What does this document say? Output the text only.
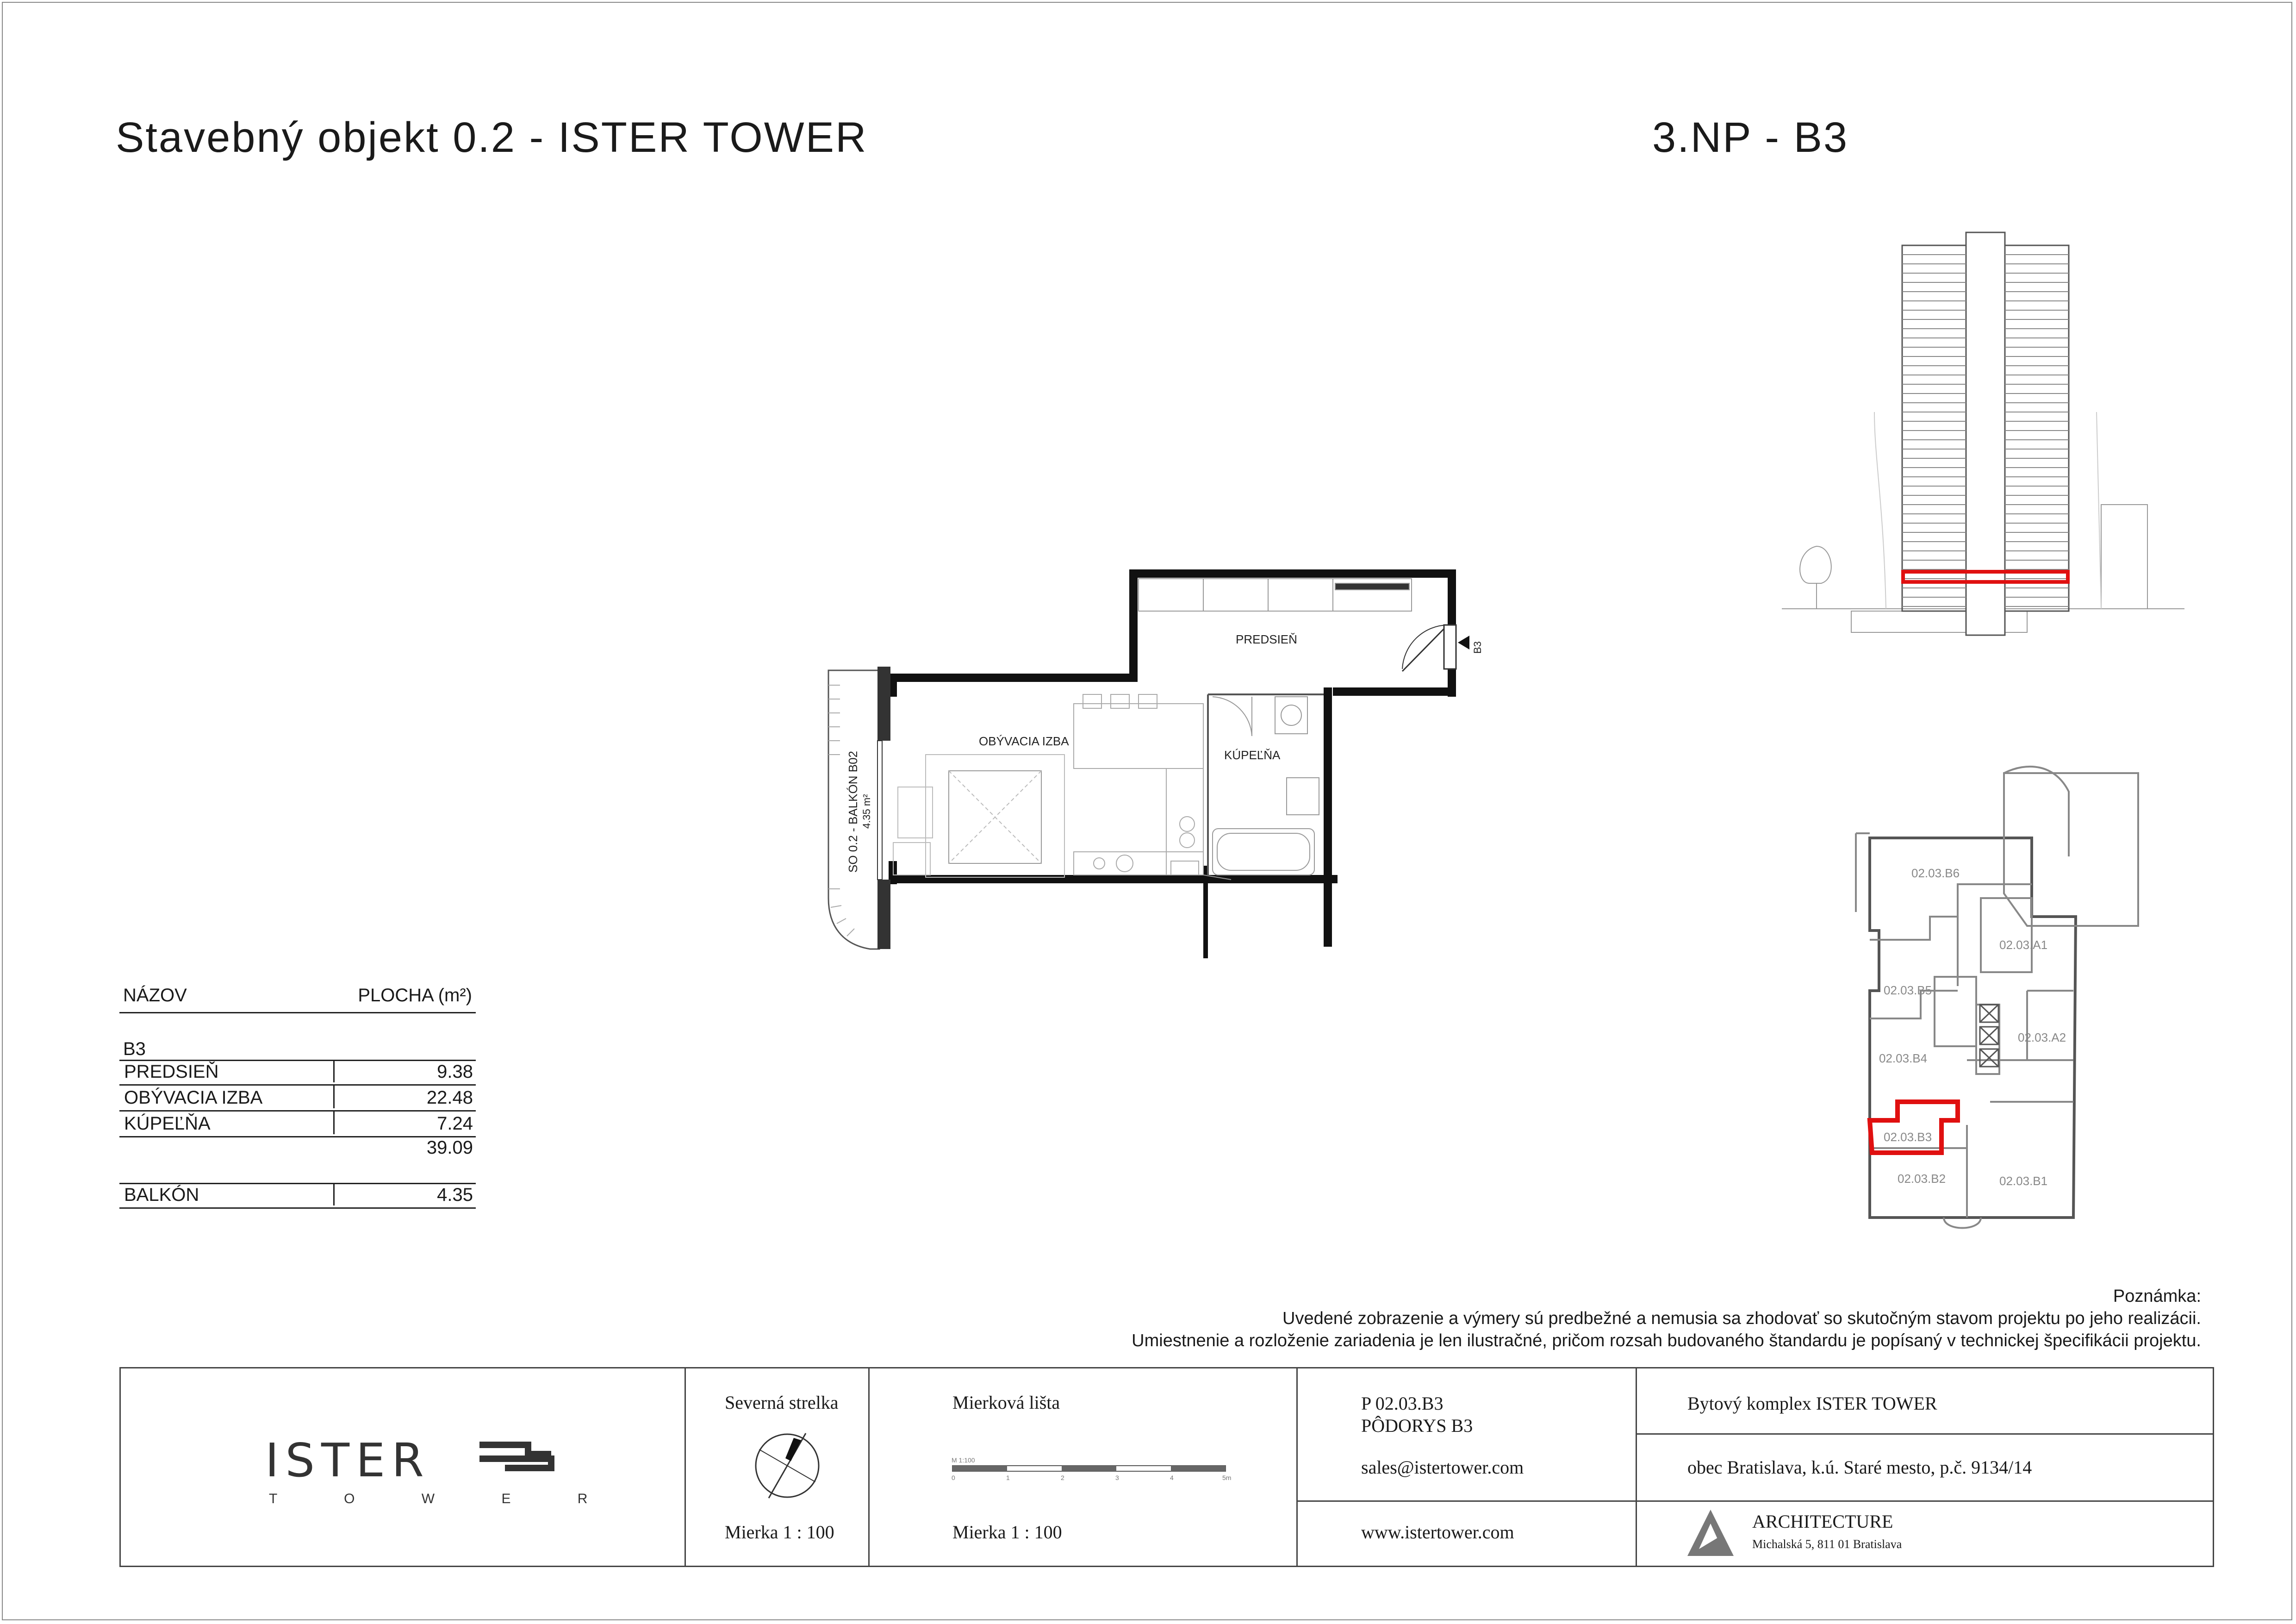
Stavebný objekt 0.2 - ISTER TOWER	3.NP - B3
PREDSIEŇ
OBÝVACIA IZBA
KÚPEĽŇA
SO 0.2 - BALKÓN B02 4.35 m²
B3
02.03.B6
02.03.A1
02.03.B5
02.03.A2
02.03.B4
02.03.B3
02.03.B2	02.03.B1
NÁZOV	PLOCHA (m²)
B3
PREDSIEŇ	9.38
OBÝVACIA IZBA	22.48
KÚPEĽŇA	7.24
39.09
BALKÓN	4.35
Poznámka:
Uvedené zobrazenie a výmery sú predbežné a nemusia sa zhodovať so skutočným stavom projektu po jeho realizácii.
Umiestnenie a rozloženie zariadenia je len ilustračné, pričom rozsah budovaného štandardu je popísaný v technickej špecifikácii projektu.
ISTER
T O W E R
Severná strelka
Mierka 1 : 100
Mierková lišta
M 1:100
0	1	2	3	4	5m
Mierka 1 : 100
P 02.03.B3
PÔDORYS B3
sales@istertower.com
www.istertower.com
Bytový komplex ISTER TOWER
obec Bratislava, k.ú. Staré mesto, p.č. 9134/14
ARCHITECTURE
Michalská 5, 811 01 Bratislava
